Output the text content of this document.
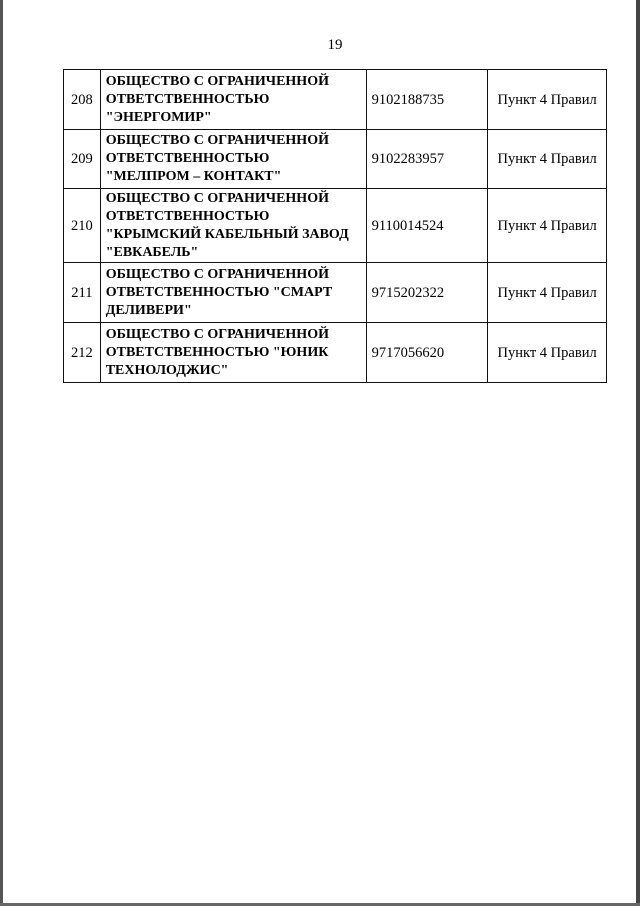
19
208	ОБЩЕСТВО С ОГРАНИЧЕННОЙ
ОТВЕТСТВЕННОСТЬЮ
"ЭНЕРГОМИР"	9102188735	Пункт 4 Правил
209	ОБЩЕСТВО С ОГРАНИЧЕННОЙ
ОТВЕТСТВЕННОСТЬЮ
"МЕЛПРОМ – КОНТАКТ"	9102283957	Пункт 4 Правил
210	ОБЩЕСТВО С ОГРАНИЧЕННОЙ
ОТВЕТСТВЕННОСТЬЮ
"КРЫМСКИЙ КАБЕЛЬНЫЙ ЗАВОД
"ЕВКАБЕЛЬ"	9110014524	Пункт 4 Правил
211	ОБЩЕСТВО С ОГРАНИЧЕННОЙ
ОТВЕТСТВЕННОСТЬЮ "СМАРТ
ДЕЛИВЕРИ"	9715202322	Пункт 4 Правил
212	ОБЩЕСТВО С ОГРАНИЧЕННОЙ
ОТВЕТСТВЕННОСТЬЮ "ЮНИК
ТЕХНОЛОДЖИС"	9717056620	Пункт 4 Правил
